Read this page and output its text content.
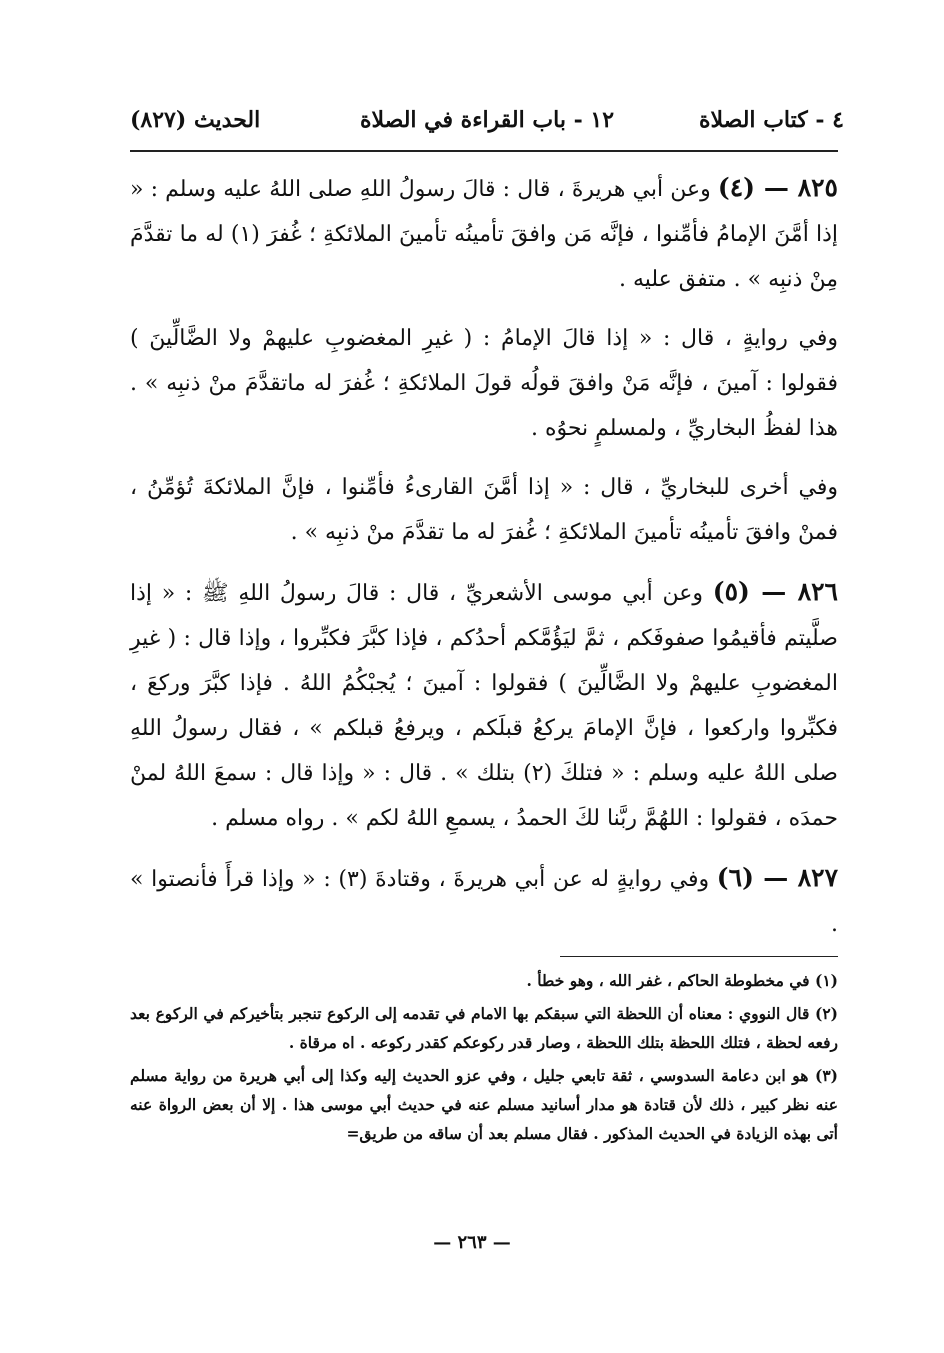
٤ - كتاب الصلاة
١٢ - باب القراءة في الصلاة
الحديث (٨٢٧)

٨٢٥ — (٤) وعن أبي هريرةَ ، قال : قالَ رسولُ اللهِ صلى اللهُ عليه وسلم : « إذا أمَّنَ الإمامُ فأمِّنوا ، فإنَّه مَن وافقَ تأمينُه تأمينَ الملائكةِ ؛ غُفرَ (١) له ما تقدَّمَ مِنْ ذنبِه » . متفق عليه .

وفي روايةٍ ، قال : « إذا قالَ الإمامُ : ( غيرِ المغضوبِ عليهمْ ولا الضَّالِّينَ ) فقولوا : آمينَ ، فإنَّه مَنْ وافقَ قولُه قولَ الملائكةِ ؛ غُفرَ له ماتقدَّمَ منْ ذنبِه » . هذا لفظُ البخاريِّ ، ولمسلمٍ نحوُه .

وفي أخرى للبخاريِّ ، قال : « إذا أمَّنَ القارىءُ فأمِّنوا ، فإنَّ الملائكةَ تُؤمِّنُ ، فمنْ وافقَ تأمينُه تأمينَ الملائكةِ ؛ غُفرَ له ما تقدَّمَ منْ ذنبِه » .

٨٢٦ — (٥) وعن أبي موسى الأشعريِّ ، قال : قالَ رسولُ اللهِ ﷺ : « إذا صلَّيتم فأقيمُوا صفوفَكم ، ثمَّ ليَؤُمَّكم أحدُكم ، فإذا كبَّرَ فكبِّروا ، وإذا قال : ( غيرِ المغضوبِ عليهمْ ولا الضَّالِّينَ ) فقولوا : آمينَ ؛ يُجبْكُمُ اللهُ . فإذا كبَّرَ وركعَ ، فكبِّروا واركعوا ، فإنَّ الإمامَ يركعُ قبلَكم ، ويرفعُ قبلكم » ، فقال رسولُ اللهِ صلى اللهُ عليه وسلم : « فتلكَ (٢) بتلك » . قال : « وإذا قال : سمعَ اللهُ لمنْ حمدَه ، فقولوا : اللهُمَّ ربَّنا لكَ الحمدُ ، يسمعِ اللهُ لكم » . رواه مسلم .

٨٢٧ — (٦) وفي روايةٍ له عن أبي هريرةَ ، وقتادةَ (٣) : « وإذا قرأَ فأنصتوا » .

(١) في مخطوطة الحاكم ، غفر الله ، وهو خطأ .

(٢) قال النووي : معناه أن اللحظة التي سبقكم بها الامام في تقدمه إلى الركوع تنجبر بتأخيركم في الركوع بعد رفعه لحظة ، فتلك اللحظة بتلك اللحظة ، وصار قدر ركوعكم كقدر ركوعه . اه مرقاة .

(٣) هو ابن دعامة السدوسي ، ثقة تابعي جليل ، وفي عزو الحديث إليه وكذا إلى أبي هريرة من رواية مسلم عنه نظر كبير ، ذلك لأن قتادة هو مدار أسانيد مسلم عنه في حديث أبي موسى هذا . إلا أن بعض الرواة عنه أتى بهذه الزيادة في الحديث المذكور . فقال مسلم بعد أن ساقه من طريق=

— ٢٦٣ —
